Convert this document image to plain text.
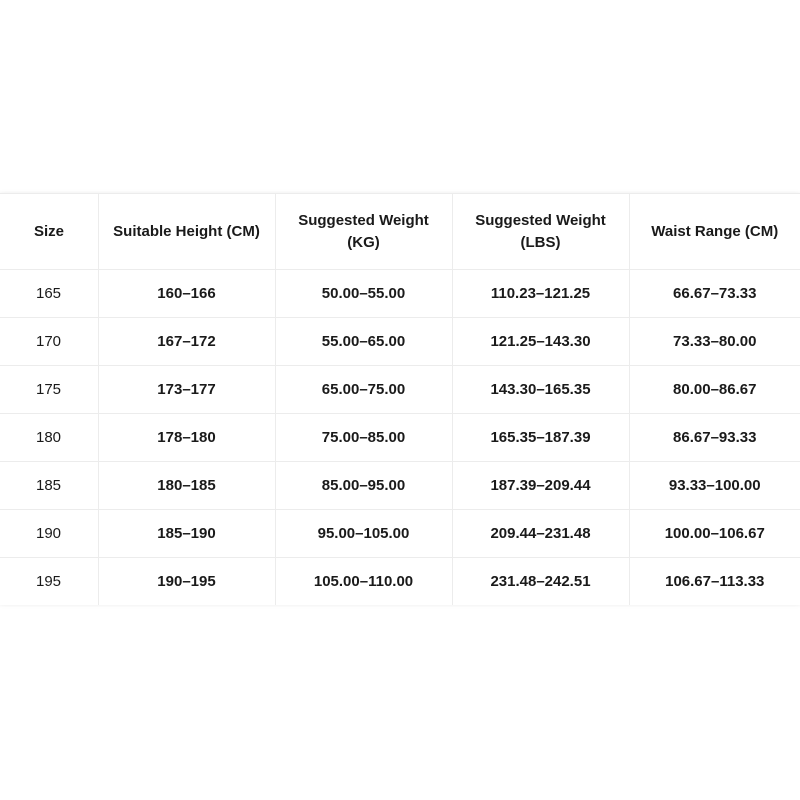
Size	Suitable Height (CM)	Suggested Weight (KG)	Suggested Weight (LBS)	Waist Range (CM)
165	160–166	50.00–55.00	110.23–121.25	66.67–73.33
170	167–172	55.00–65.00	121.25–143.30	73.33–80.00
175	173–177	65.00–75.00	143.30–165.35	80.00–86.67
180	178–180	75.00–85.00	165.35–187.39	86.67–93.33
185	180–185	85.00–95.00	187.39–209.44	93.33–100.00
190	185–190	95.00–105.00	209.44–231.48	100.00–106.67
195	190–195	105.00–110.00	231.48–242.51	106.67–113.33
